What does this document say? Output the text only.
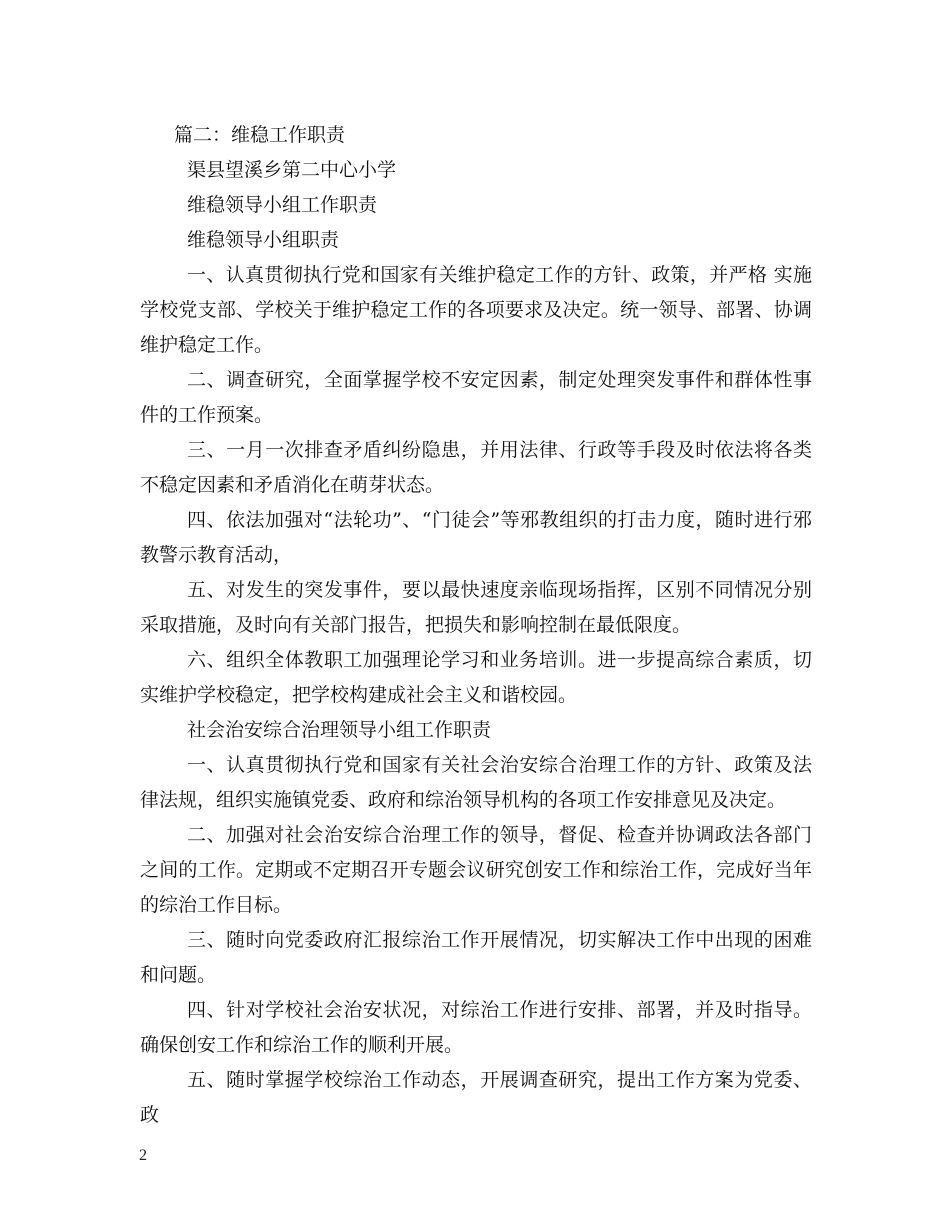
篇二：维稳工作职责
渠县望溪乡第二中心小学
维稳领导小组工作职责
维稳领导小组职责
一、认真贯彻执行党和国家有关维护稳定工作的方针、政策，并严格 实施学校党支部、学校关于维护稳定工作的各项要求及决定。统一领导、部署、协调维护稳定工作。
二、调查研究，全面掌握学校不安定因素，制定处理突发事件和群体性事件的工作预案。
三、一月一次排查矛盾纠纷隐患，并用法律、行政等手段及时依法将各类不稳定因素和矛盾消化在萌芽状态。
四、依法加强对“法轮功”、“门徒会”等邪教组织的打击力度，随时进行邪教警示教育活动，
五、对发生的突发事件，要以最快速度亲临现场指挥，区别不同情况分别采取措施，及时向有关部门报告，把损失和影响控制在最低限度。
六、组织全体教职工加强理论学习和业务培训。进一步提高综合素质，切实维护学校稳定，把学校构建成社会主义和谐校园。
社会治安综合治理领导小组工作职责
一、认真贯彻执行党和国家有关社会治安综合治理工作的方针、政策及法律法规，组织实施镇党委、政府和综治领导机构的各项工作安排意见及决定。
二、加强对社会治安综合治理工作的领导，督促、检查并协调政法各部门之间的工作。定期或不定期召开专题会议研究创安工作和综治工作，完成好当年的综治工作目标。
三、随时向党委政府汇报综治工作开展情况，切实解决工作中出现的困难和问题。
四、针对学校社会治安状况，对综治工作进行安排、部署，并及时指导。确保创安工作和综治工作的顺利开展。
五、随时掌握学校综治工作动态，开展调查研究，提出工作方案为党委、政
2
